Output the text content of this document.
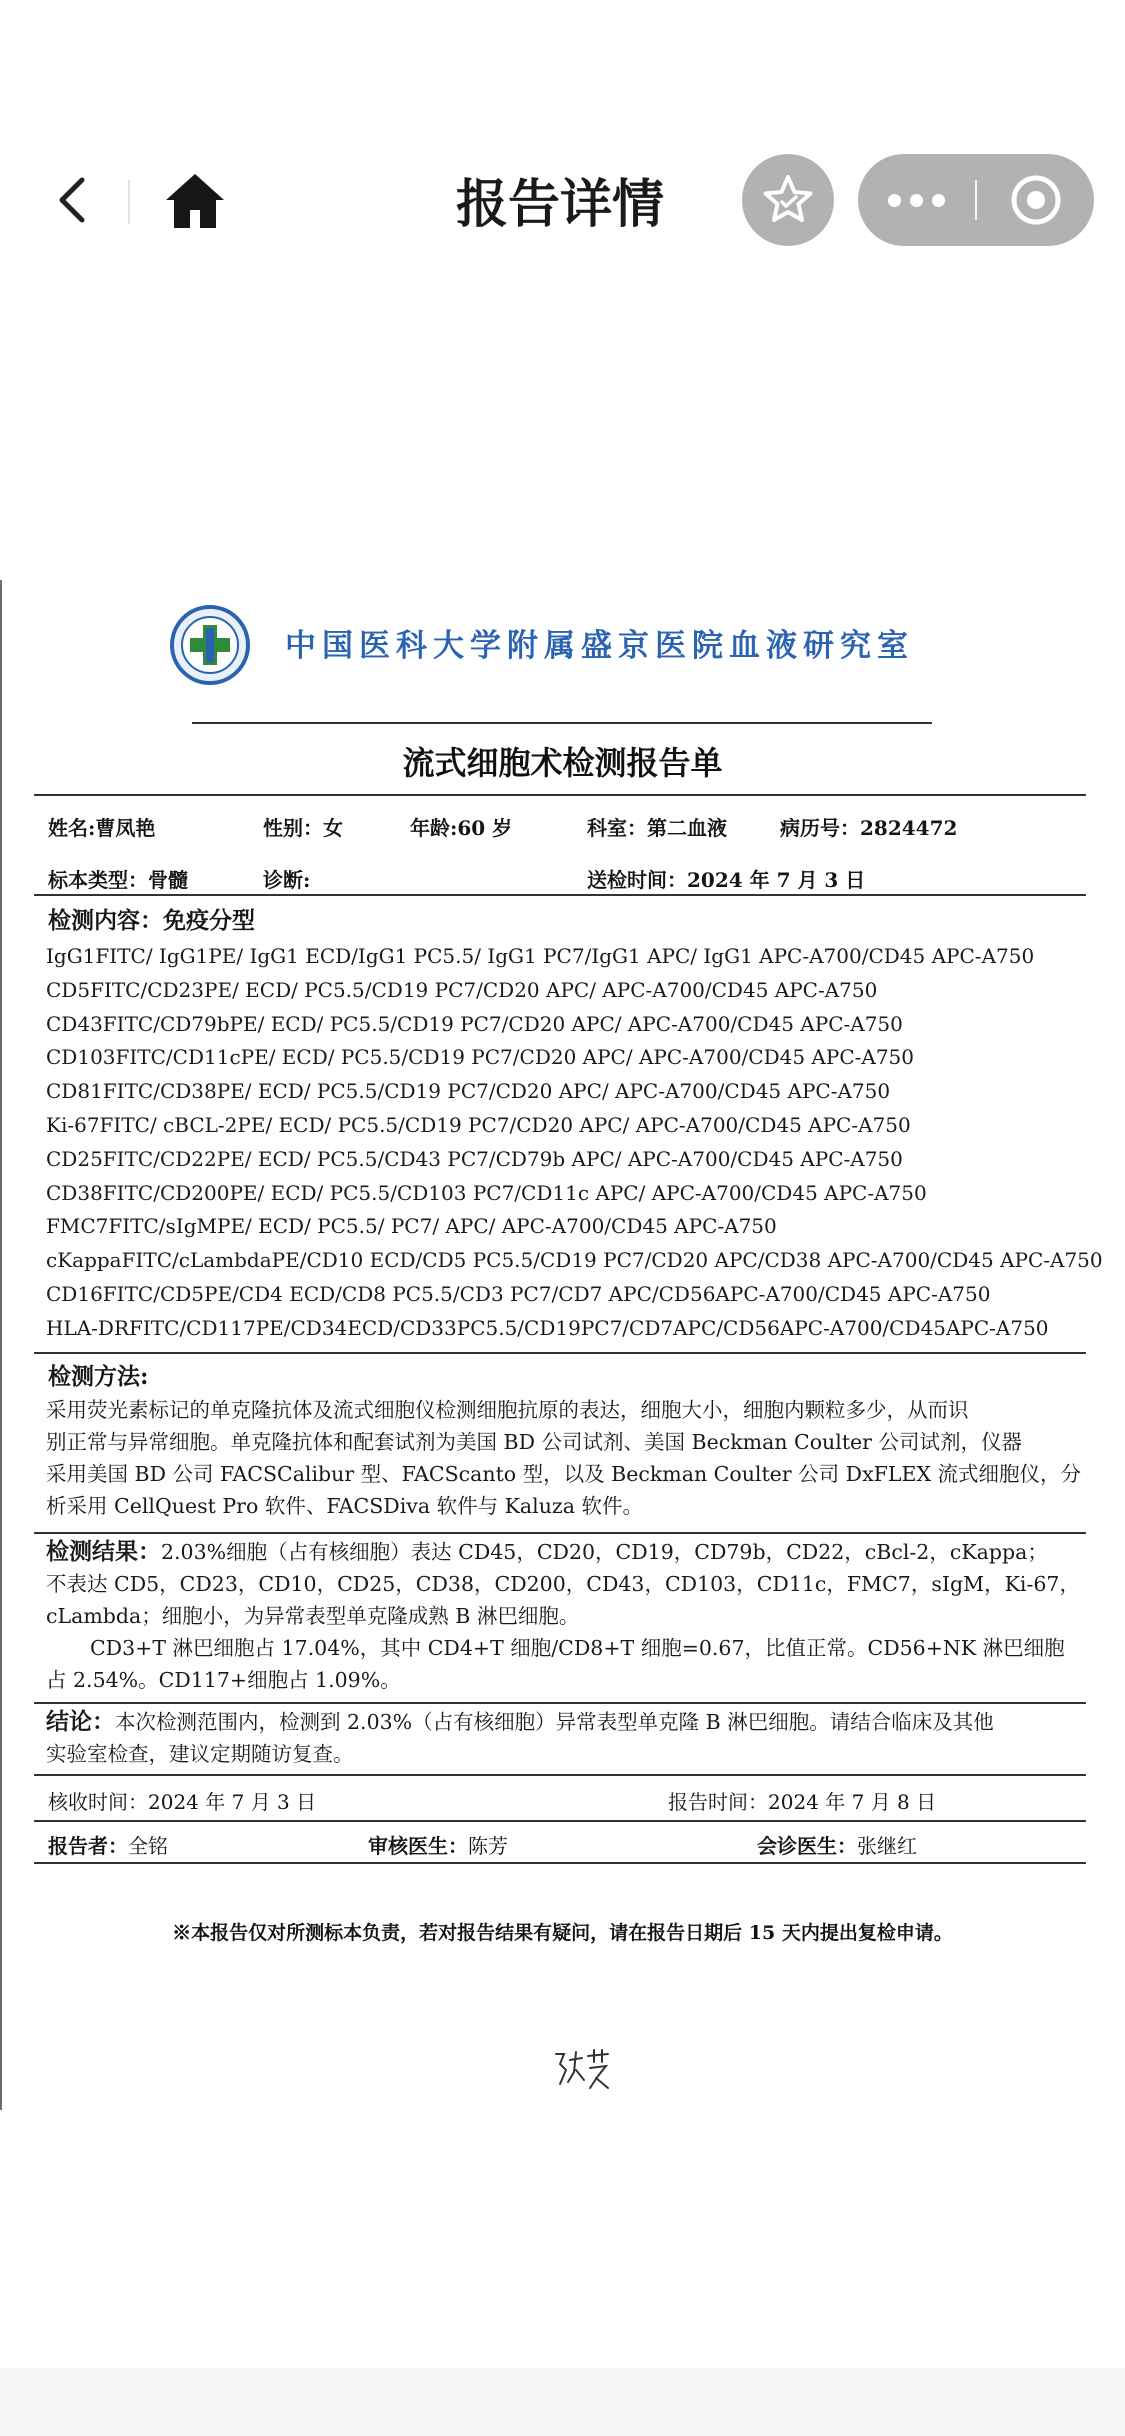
报告详情
中国医科大学附属盛京医院血液研究室
流式细胞术检测报告单
姓名:曹凤艳	性别：女	年龄:60 岁	科室：第二血液	病历号：2824472
标本类型：骨髓	诊断:	送检时间：2024 年 7 月 3 日
检测内容：免疫分型
IgG1FITC/ IgG1PE/ IgG1 ECD/IgG1 PC5.5/ IgG1 PC7/IgG1 APC/ IgG1 APC-A700/CD45 APC-A750
CD5FITC/CD23PE/ ECD/ PC5.5/CD19 PC7/CD20 APC/ APC-A700/CD45 APC-A750
CD43FITC/CD79bPE/ ECD/ PC5.5/CD19 PC7/CD20 APC/ APC-A700/CD45 APC-A750
CD103FITC/CD11cPE/ ECD/ PC5.5/CD19 PC7/CD20 APC/ APC-A700/CD45 APC-A750
CD81FITC/CD38PE/ ECD/ PC5.5/CD19 PC7/CD20 APC/ APC-A700/CD45 APC-A750
Ki-67FITC/ cBCL-2PE/ ECD/ PC5.5/CD19 PC7/CD20 APC/ APC-A700/CD45 APC-A750
CD25FITC/CD22PE/ ECD/ PC5.5/CD43 PC7/CD79b APC/ APC-A700/CD45 APC-A750
CD38FITC/CD200PE/ ECD/ PC5.5/CD103 PC7/CD11c APC/ APC-A700/CD45 APC-A750
FMC7FITC/sIgMPE/ ECD/ PC5.5/ PC7/ APC/ APC-A700/CD45 APC-A750
cKappaFITC/cLambdaPE/CD10 ECD/CD5 PC5.5/CD19 PC7/CD20 APC/CD38 APC-A700/CD45 APC-A750
CD16FITC/CD5PE/CD4 ECD/CD8 PC5.5/CD3 PC7/CD7 APC/CD56APC-A700/CD45 APC-A750
HLA-DRFITC/CD117PE/CD34ECD/CD33PC5.5/CD19PC7/CD7APC/CD56APC-A700/CD45APC-A750
检测方法:
采用荧光素标记的单克隆抗体及流式细胞仪检测细胞抗原的表达，细胞大小，细胞内颗粒多少，从而识
别正常与异常细胞。单克隆抗体和配套试剂为美国 BD 公司试剂、美国 Beckman Coulter 公司试剂，仪器
采用美国 BD 公司 FACSCalibur 型、FACScanto 型，以及 Beckman Coulter 公司 DxFLEX 流式细胞仪，分
析采用 CellQuest Pro 软件、FACSDiva 软件与 Kaluza 软件。
检测结果：2.03%细胞（占有核细胞）表达 CD45，CD20，CD19，CD79b，CD22，cBcl-2，cKappa；
不表达 CD5，CD23，CD10，CD25，CD38，CD200，CD43，CD103，CD11c，FMC7，sIgM，Ki-67，
cLambda；细胞小，为异常表型单克隆成熟 B 淋巴细胞。
CD3+T 淋巴细胞占 17.04%，其中 CD4+T 细胞/CD8+T 细胞=0.67，比值正常。CD56+NK 淋巴细胞
占 2.54%。CD117+细胞占 1.09%。
结论：本次检测范围内，检测到 2.03%（占有核细胞）异常表型单克隆 B 淋巴细胞。请结合临床及其他
实验室检查，建议定期随访复查。
核收时间：2024 年 7 月 3 日	报告时间：2024 年 7 月 8 日
报告者：全铭	审核医生：陈芳	会诊医生：张继红
※本报告仅对所测标本负责，若对报告结果有疑问，请在报告日期后 15 天内提出复检申请。
